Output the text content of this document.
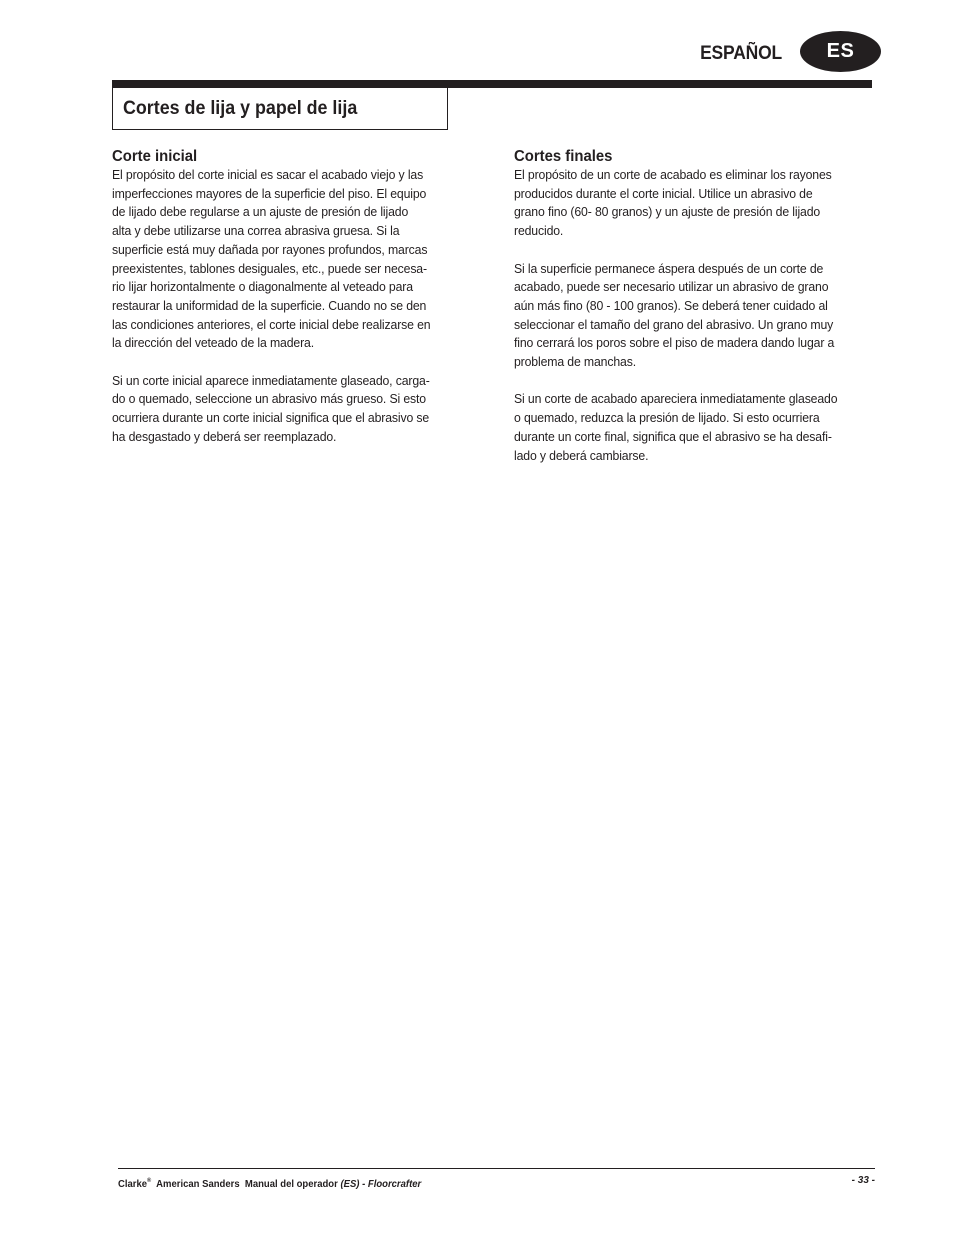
ESPAÑOL	ES
Cortes de lija y papel de lija
Corte inicial

El propósito del corte inicial es sacar el acabado viejo y las
imperfecciones mayores de la superficie del piso. El equipo
de lijado debe regularse a un ajuste de presión de lijado
alta y debe utilizarse una correa abrasiva gruesa. Si la
superficie está muy dañada por rayones profundos, marcas
preexistentes, tablones desiguales, etc., puede ser necesa-
rio lijar horizontalmente o diagonalmente al veteado para
restaurar la uniformidad de la superficie. Cuando no se den
las condiciones anteriores, el corte inicial debe realizarse en
la dirección del veteado de la madera.

Si un corte inicial aparece inmediatamente glaseado, carga-
do o quemado, seleccione un abrasivo más grueso. Si esto
ocurriera durante un corte inicial significa que el abrasivo se
ha desgastado y deberá ser reemplazado.

Cortes finales

El propósito de un corte de acabado es eliminar los rayones
producidos durante el corte inicial. Utilice un abrasivo de
grano fino (60- 80 granos) y un ajuste de presión de lijado
reducido.

Si la superficie permanece áspera después de un corte de
acabado, puede ser necesario utilizar un abrasivo de grano
aún más fino (80 - 100 granos). Se deberá tener cuidado al
seleccionar el tamaño del grano del abrasivo. Un grano muy
fino cerrará los poros sobre el piso de madera dando lugar a
problema de manchas.

Si un corte de acabado apareciera inmediatamente glaseado
o quemado, reduzca la presión de lijado. Si esto ocurriera
durante un corte final, significa que el abrasivo se ha desafi-
lado y deberá cambiarse.

Clarke® American Sanders Manual del operador (ES) - Floorcrafter	- 33 -
